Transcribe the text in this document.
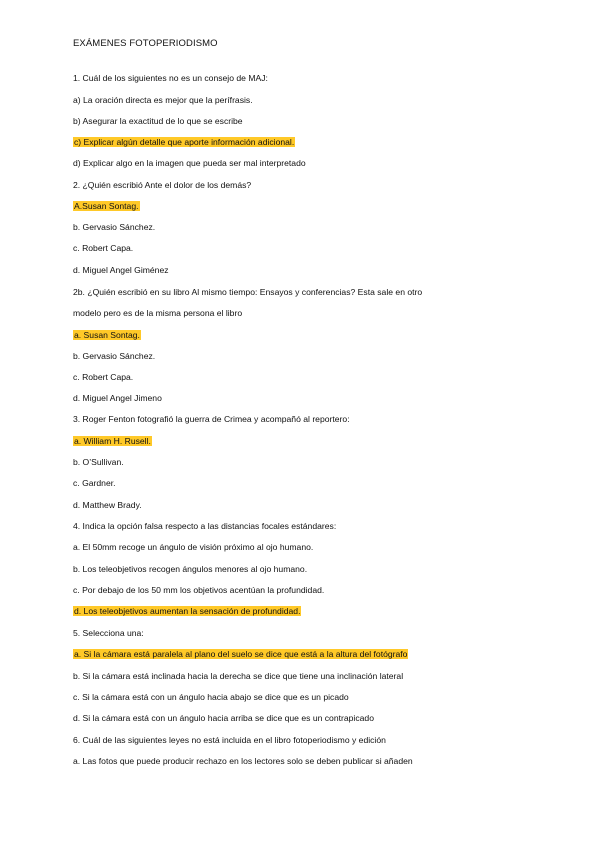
EXÁMENES FOTOPERIODISMO
1. Cuál de los siguientes no es un consejo de MAJ:
a) La oración directa es mejor que la perífrasis.
b) Asegurar la exactitud de lo que se escribe
c) Explicar algún detalle que aporte información adicional.
d) Explicar algo en la imagen que pueda ser mal interpretado
2. ¿Quién escribió Ante el dolor de los demás?
A.Susan Sontag.
b. Gervasio Sánchez.
c. Robert Capa.
d. Miguel Angel Giménez
2b. ¿Quién escribió en su libro Al mismo tiempo: Ensayos y conferencias? Esta sale en otro
modelo pero es de la misma persona el libro
a. Susan Sontag.
b. Gervasio Sánchez.
c. Robert Capa.
d. Miguel Angel Jimeno
3. Roger Fenton fotografió la guerra de Crimea y acompañó al reportero:
a. William H. Rusell.
b. O’Sullivan.
c. Gardner.
d. Matthew Brady.
4. Indica la opción falsa respecto a las distancias focales estándares:
a. El 50mm recoge un ángulo de visión próximo al ojo humano.
b. Los teleobjetivos recogen ángulos menores al ojo humano.
c. Por debajo de los 50 mm los objetivos acentúan la profundidad.
d. Los teleobjetivos aumentan la sensación de profundidad.
5. Selecciona una:
a. Si la cámara está paralela al plano del suelo se dice que está a la altura del fotógrafo
b. Si la cámara está inclinada hacia la derecha se dice que tiene una inclinación lateral
c. Si la cámara está con un ángulo hacia abajo se dice que es un picado
d. Si la cámara está con un ángulo hacia arriba se dice que es un contrapicado
6. Cuál de las siguientes leyes no está incluida en el libro fotoperiodismo y edición
a. Las fotos que puede producir rechazo en los lectores solo se deben publicar si añaden
